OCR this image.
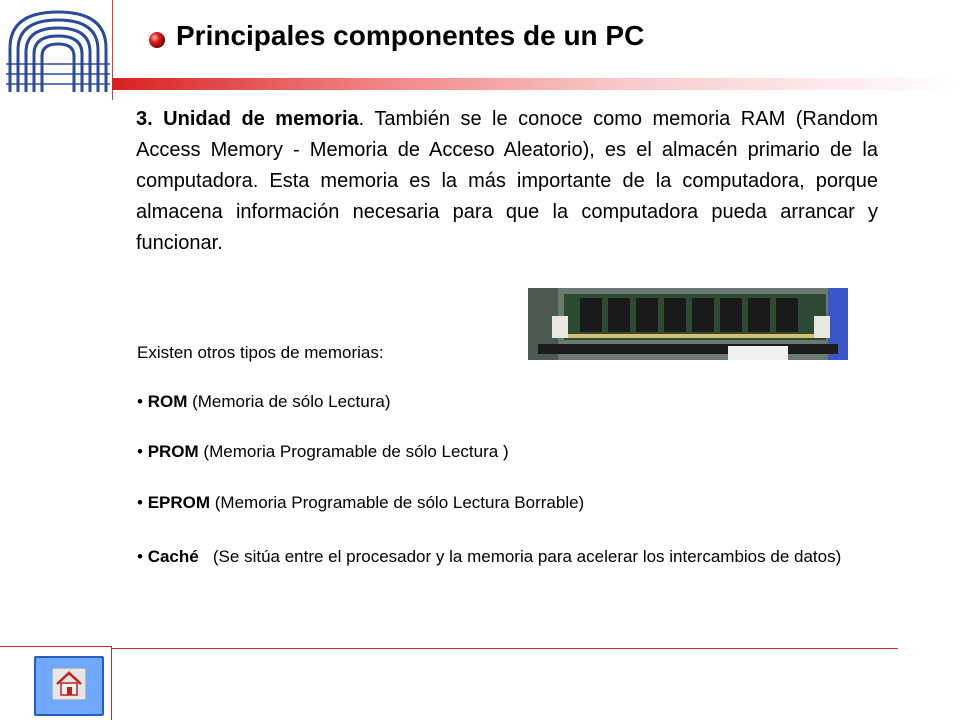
Principales componentes de un PC

3. Unidad de memoria. También se le conoce como memoria RAM (Random Access Memory - Memoria de Acceso Aleatorio), es el almacén primario de la computadora. Esta memoria es la más importante de la computadora, porque almacena información necesaria para que la computadora pueda arrancar y funcionar.

Existen otros tipos de memorias:

• ROM (Memoria de sólo Lectura)

• PROM (Memoria Programable de sólo Lectura )

• EPROM (Memoria Programable de sólo Lectura Borrable)

• Caché (Se sitúa entre el procesador y la memoria para acelerar los intercambios de datos)
